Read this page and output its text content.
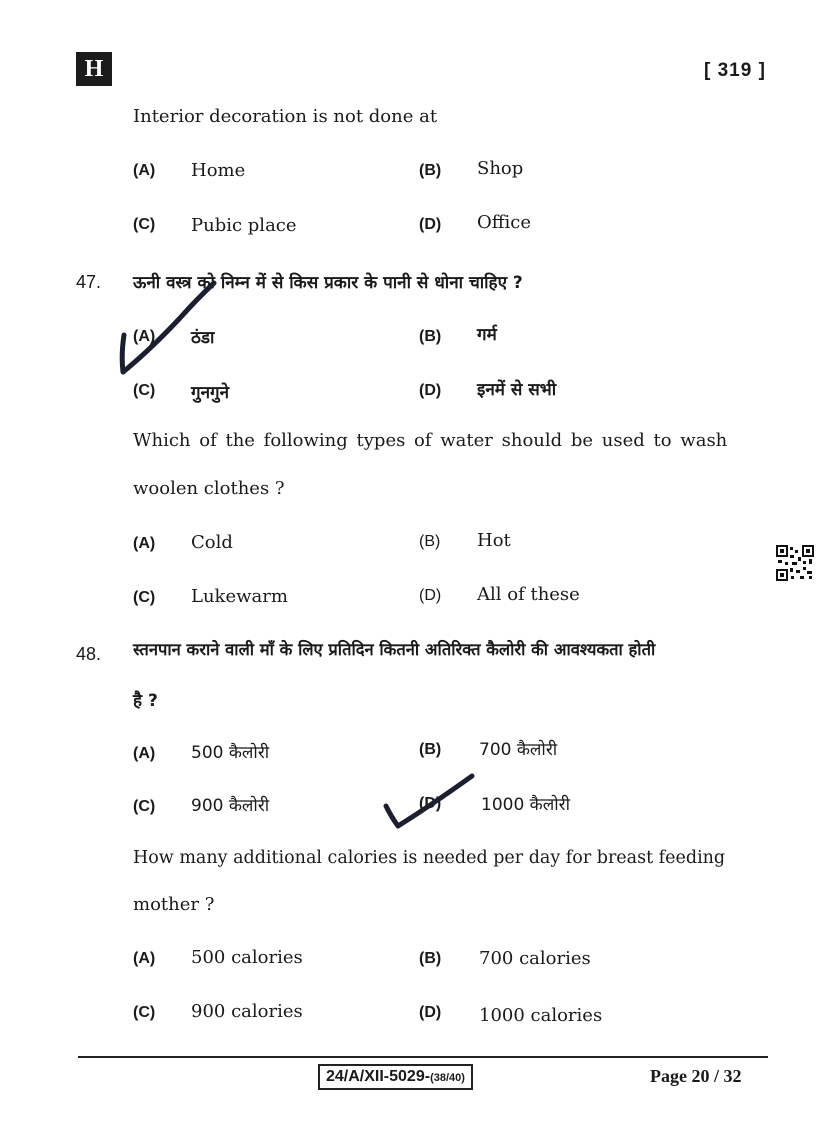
H	[ 319 ]
Interior decoration is not done at
(A) Home	(B) Shop
(C) Pubic place	(D) Office
47. ऊनी वस्त्र को निम्न में से किस प्रकार के पानी से धोना चाहिए ?
(A) ठंडा	(B) गर्म
(C) गुनगुने	(D) इनमें से सभी
Which of the following types of water should be used to wash
woolen clothes ?
(A) Cold	(B) Hot
(C) Lukewarm	(D) All of these
48. स्तनपान कराने वाली माँ के लिए प्रतिदिन कितनी अतिरिक्त कैलोरी की आवश्यकता होती
है ?
(A) 500 कैलोरी	(B) 700 कैलोरी
(C) 900 कैलोरी	(D) 1000 कैलोरी
How many additional calories is needed per day for breast feeding
mother ?
(A) 500 calories	(B) 700 calories
(C) 900 calories	(D) 1000 calories
24/A/XII-5029-(38/40)	Page 20 / 32
